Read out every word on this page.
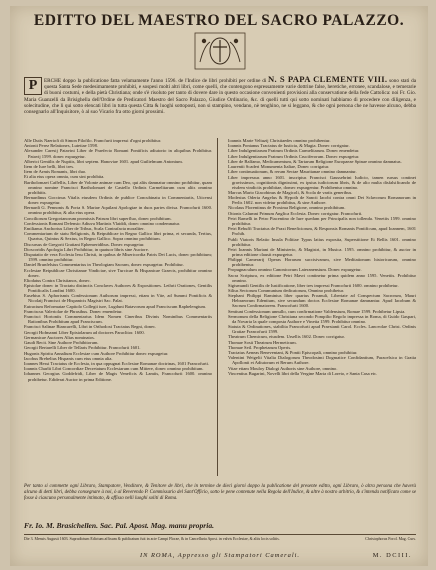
EDITTO DEL MAESTRO DEL SACRO PALAZZO.
P	ERCHE doppo la publicatione fatta velamamente l'anno 1596. de l'Indice de libri prohibiti per ordine di N. S PAPA CLEMENTE VIII. sono stati da questa Santa Sede medesimamente prohibiti, e sospesi molti altri libri, come quelli, che contengono espressamente varie dottrine false, heretiche, erronee, scandalose, e temerarie di buoni costumi, e della pietà Christiana; onde s'è risoluto per tanto di dovere dare in questo occasione convenienti provisioni alla conservatione della fede Cattolica: noi Fr. Gio. Maria Guanzelli da Brisighella dell'Ordine de Predicatori Maestro del Sacro Palazzo, Giudice Ordinario, &c. di quelli tutti qui sotto nominati habbiamo di procedere con diligenza, e solecitudine, che li qui sotto elencati libri in tutta questa Citta & luoghi sottoposti, non si stampino, vendano, nè tenghino, ne si leggano, & che ogni persona che ne havesse alcuno, debba consegnarlo all'Inquisitore, ò al suo Vicario fra otto giorni prossimi.

Alle Dutis Naeriofi di Simon Pilofilo. Francfurti impressi d'ogni prohibitur.

Antonii Perez Relationes, Lutetiae 1598.

Alexander Caresij Patavini Liber de Praefecto Romani Pontificis adiutorio in aliquibus Prohibitur. Patavij 1599. donec expurgetur.

Alberici Gentilis de Nuptiis, libri septem. Hanoviae 1601. apud Guilielmum Antonium.

Item de Iure belli, libri tres.

Item de Armis Romanis, libri duo.

Et alia eius opera omnia, cum sint prohibita.

Bartholomaei Caffellis, Liber de Volonte animae cum Deo, qui aliis damnatur omnino prohibitur, quam omnino nomine Francisci Bartholomaei de Castello Ordinis Carmelitarum cum aliis omnino prohibitis.

Bernardinus Goccinus Vitalis eiusdem Ordinis de publice Concubinatu in Commentariis, Uticensi donec expurgetur.

Bernardi G. Pennonis & Porta S. Mariae Aquilani Apologiae in duos partes divisa. Francofurti 1600. omnino prohibitur, & alia eius opera.

Conciliorum Gregorianorum promissis Patrum libri superfluo, donec prohibitum.

Confessionis Romani Defensio Adiuva Martinis Vlaiddi, donec omnino condemnatur.

Emilianus Anchorius Liber de Tribus, Scala Contrafacta moraliter.

Commentarium de statu Religionis, & Reipublicae in Regno Gallico libri prima, et secunda, Tertius, Quartus, Quintus & Sextus, in Regno Gallico. Sopra omnino prohibitum.

Discursus de Gregorii Gratiani Ephemeridibus. Donec expurgetur.

Dioscoridis Apologia Libri Prohibitur, in quatuor libris sine Auctore.

Disputatio de vera Ecclesia Iesu Christi, in quibus de Misericordia Patris Dei Lucis, donec prohibitum; 1599. omnino prohibitur.

Daniel Brunfelsius Commentarius in Theologiam Sacram, donec expurgetur. Prohibitur.

Ecclesiae Reipublicae Christianae Vindiciae, sive Turcicae & Hispanicae Graecis, prohibitur omnino donec.

Eliodatus Contra Christianos, donec.

Epistolae donec in Tractatu distinctis Conclaves Authores & Expositiones. Lethrii Orationes, Gentilis Pontificalis Londini 1600.

Eusebius S. Aphorismis Confessionum Authorum impressi, etiam in Vite, ad Summi Pontificis & Nicolaij Francisci de Hispanicis Magistri Sac. Palat.

Eutracium Reformatae Capitolo Collegii iure, Lugduni Batavorum apud Franciscum Raphelengium.

Franciscus Valeriolae de Phrasibus. Donec emendetur.

Francisci Hortoniis Commentarius Idem Nomen Cineribus Divinis Nominibus Commentariis Rationibus Prohibitum apud Franciscum.

Francisci Salinae Biancarelli, Libri in Orthodoxi Tractatus Regni, donec.

Georgii Hofmanni Liber Epistolarum ad doctores Paraclitor. 1600.

Germanicae Auctores Alias nominatos.

Gaudi Recit. Sine Authore Prohibitorum.

Georgii Bertarelli Liber de Tellaris Prohibitur. Francofurti 1601.

Hugonis Spiritu Annalium Ecclesiae cum Authore Prohibitur donec expurgetur.

Iacobus Brebelius Hispanis cum eius omnia alia.

Ioannes Hessi Tractatus de Ecclesia, in qua oppugnat Ecclesiae Romanae doctrinas, 1601 Francofurti.

Ioannis Charlii Libri Concordiae Decretatum Ecclesiarum cum Mittere, donec omnino prohibitum.

Iohannes Georgius Goddefridi, Liber de Magis Veneficis & Lamiis, Francofurti 1600. omnino prohibetur. Ediderat Auctor in prima Editione.

Ioannis Marie Veltuzij Christiaedes omnino prohibentur.

Ioannis Pontanus Tractatus de Iusticia, & Magia. Donec corrigatur.

Liber Indulgentiarum Fratrum Ordinis Carmelitarum. Donec emendetur.

Liber Indulgentiarum Fratrum Ordinis Cruciferorum. Donec expurgetur.

Liber de Balfamo, Medicamentum, & Tartarum Religione Europaeae Spinae omnino damnatus.

Laurentii Scaderi Monumenta Italiae, Donec corrigatur.

Liber continuationum, & rerum Sectae Mauritanae omnino damnantur.

Liber impressus anno 1601. inscriptus Francisci Gaussebrini Iudicio, tamen rursus continet gravissimos, cognitionis dignissimi, ex ipsius iudiciorum libris, & de alio multa disfalsificando de eisdem vindiciis prohibitae, domec expurgentur. Prohibentur omnino.

Marcus Mario Giacobinus de Magicoli, & Scola de variis generibus.

Modestus Oderia Angelus & Hypoth de Sancti Iacobi contra omni Dei Sclavorum Romanorum in Perlis 1602. non videtur prohibitus, & sine Authore.

Nicolaus Florentinus de Proxima Religione, omnino prohibitum.

Ottonis Calumni Primum Anglica Ecclesia. Donec corrigatur. Francofurti.

Petri Ramelli in Petro Piacentino de Iure quedam per Principalis non tollenda. Venetiis 1599. omnino prohibitur.

Petri Rebuffi Tractatus de Praxi Beneficiorum, & Responsis Romanis Pontificum, apud Ioannem, 1601 Prohib.

Publi Viatoris Relatio Insula Politiae Typus latius exposita, Superstitione Et Bellis 1601. omnino prohibitur.

Petri Ioannis Mariani de Ministerio, & Magistri, in Musica. 1595. omnino prohibitur, & auctor in prima editione clausit expurgetur.

Philippi Camerarij Operas Horarum succisivarum, sive Meditationum historicarum, omnino prohibentur.

Propugnaculum omnino Canonicorum Lateranensium. Donec expurgetur.

Sacra Scriptura, ex editione Petri Mavri continetur prima quidem anno 1595. Venetiis. Prohibitur omnino.

Sigismundi Gentilis de Iustificatione, liber tres impressi Francofurti 1600. omnino prohibetur.

Silius Sectorum Communium dedicatorum, Omnino prohibetur.

Stephani Philippi Raminius liber quartus Proanuli, Libertate ad Conspectum Sacrorum, Mauri Hebraeorum Edentium, sive secundum doctos Ecclesiae Romanae damnantur. Apud Iacobum & Sacrum Confirmatorem. Francofurti 1600.

Sentiunt Confessionum unnullo, cum confirmatione Valdensium, Romae 1599. Prohibetur Lipsia.

Sermonum della Religione Christiana secondo Pompilio Regolo impressa in Roma, di Guido Gaspari, da Novaria la quale composta Authore e Vinetia 1599. Prohibitur omnino.

Statuta & Ordinationes, stabilita Francofurti apud Praestanti Carol. Eccles. Lanceolae Christ. Ordinis Gratiae Francofurti 1599.

Theatrum Chemicum, eiusdem. Ursellis 1602. Donec corrigatur.

Thomae Sosii Theatrum Hermeticum.

Thomae Seil. Prophetarum Operis.

Tractatus Aeneas Beneventani, & Pontii Episcopali, omnino prohibitur.

Valentini Weigelii Vitalia Dialogorum Theodosimi Dogmatice Confidantium, Paracelsica in Gratia Apollonii et Adiutorum et Rerum Authore.

Vitae etiam Mouloy Dialogi Authoris sine Authore, omnino.

Vincentius Bugarini, Novelli libri della Vergine Maria di Loreto, e Santa Casa etc.

Per tanto si commette ogni Libraro, Stampatore, Venditore, & Tenitore de libri, che in termine de dieci giorni doppo la publicatione del presente editto, ogni Libraro, ò altra persona che haverà alcuno di detti libri, debba consegnare à noi, ò al Reverendo P. Commissario del Sant'Officio, sotto le pene contenute nella Regola dell'Indice, & altre à nostro arbitrio, & s'intenda notificato come se fosse à ciascuno personalmente intimato, & affisso nelli luoghi soliti di Roma.
Fr. Io. M. Brasichellen. Sac. Pal. Apost. Mag. manu propria.
Die 3. Mensis Augusti 1603. Supradictum Edictum affixum & publicatum fuit in acie Campi Florae, & in Cancellaria Apost. in valvis Ecclesiae, & aliis locis solitis.	Christophorus Forol. Mag. Curs.
IN ROMA, Appresso gli Stampatori Camerali.	M. DCIII.
